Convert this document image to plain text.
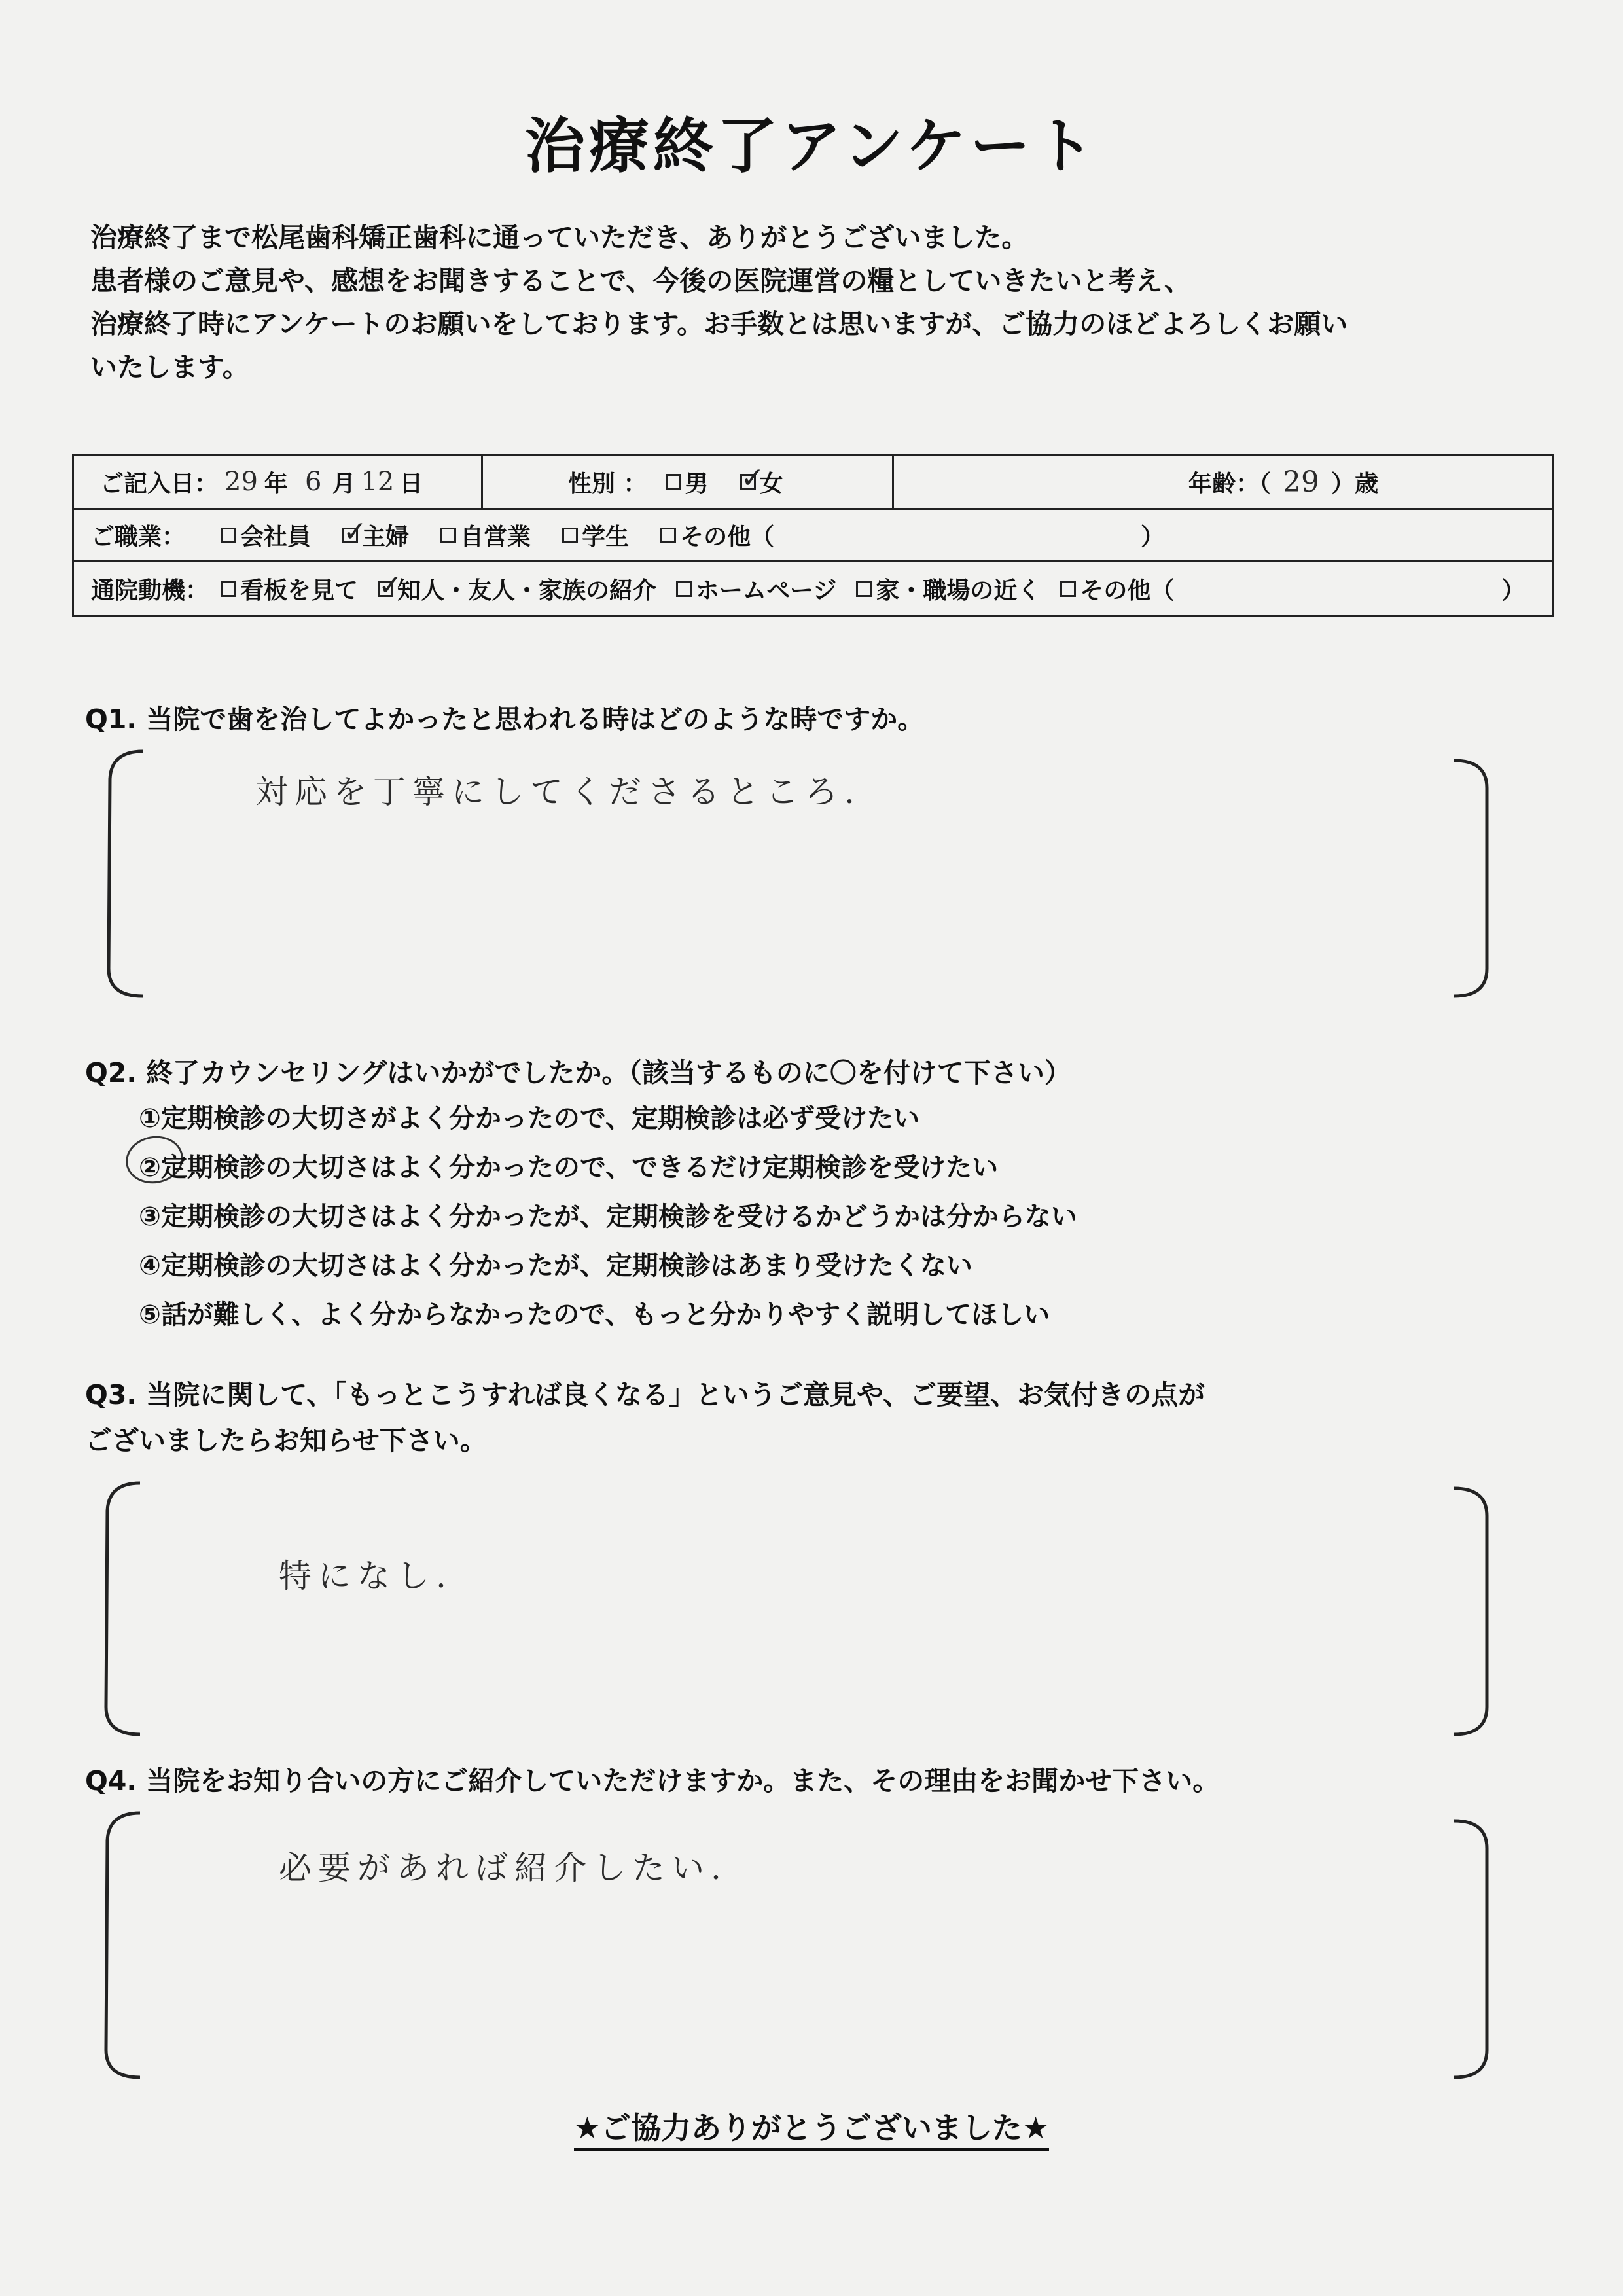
治療終了アンケート
治療終了まで松尾歯科矯正歯科に通っていただき、ありがとうございました。
患者様のご意見や、感想をお聞きすることで、今後の医院運営の糧としていきたいと考え、
治療終了時にアンケートのお願いをしております。お手数とは思いますが、ご協力のほどよろしくお願い
いたします。
ご記入日： 29 年 6 月 12 日	性別 ： 男 ✓ 女	年齢：（ 29 ）歳
ご職業： 会社員 ✓ 主婦 自営業 学生 その他（	）
通院動機： 看板を見て ✓ 知人・友人・家族の紹介 ホームページ 家・職場の近く その他（	）
Q1. 当院で歯を治してよかったと思われる時はどのような時ですか。
対応を丁寧にしてくださるところ.
Q2. 終了カウンセリングはいかがでしたか。（該当するものに〇を付けて下さい）
①定期検診の大切さがよく分かったので、定期検診は必ず受けたい
②定期検診の大切さはよく分かったので、できるだけ定期検診を受けたい
③定期検診の大切さはよく分かったが、定期検診を受けるかどうかは分からない
④定期検診の大切さはよく分かったが、定期検診はあまり受けたくない
⑤話が難しく、よく分からなかったので、もっと分かりやすく説明してほしい
Q3. 当院に関して、「もっとこうすれば良くなる」というご意見や、ご要望、お気付きの点が
ございましたらお知らせ下さい。
特になし.
Q4. 当院をお知り合いの方にご紹介していただけますか。また、その理由をお聞かせ下さい。
必要があれば紹介したい.
★ご協力ありがとうございました★
